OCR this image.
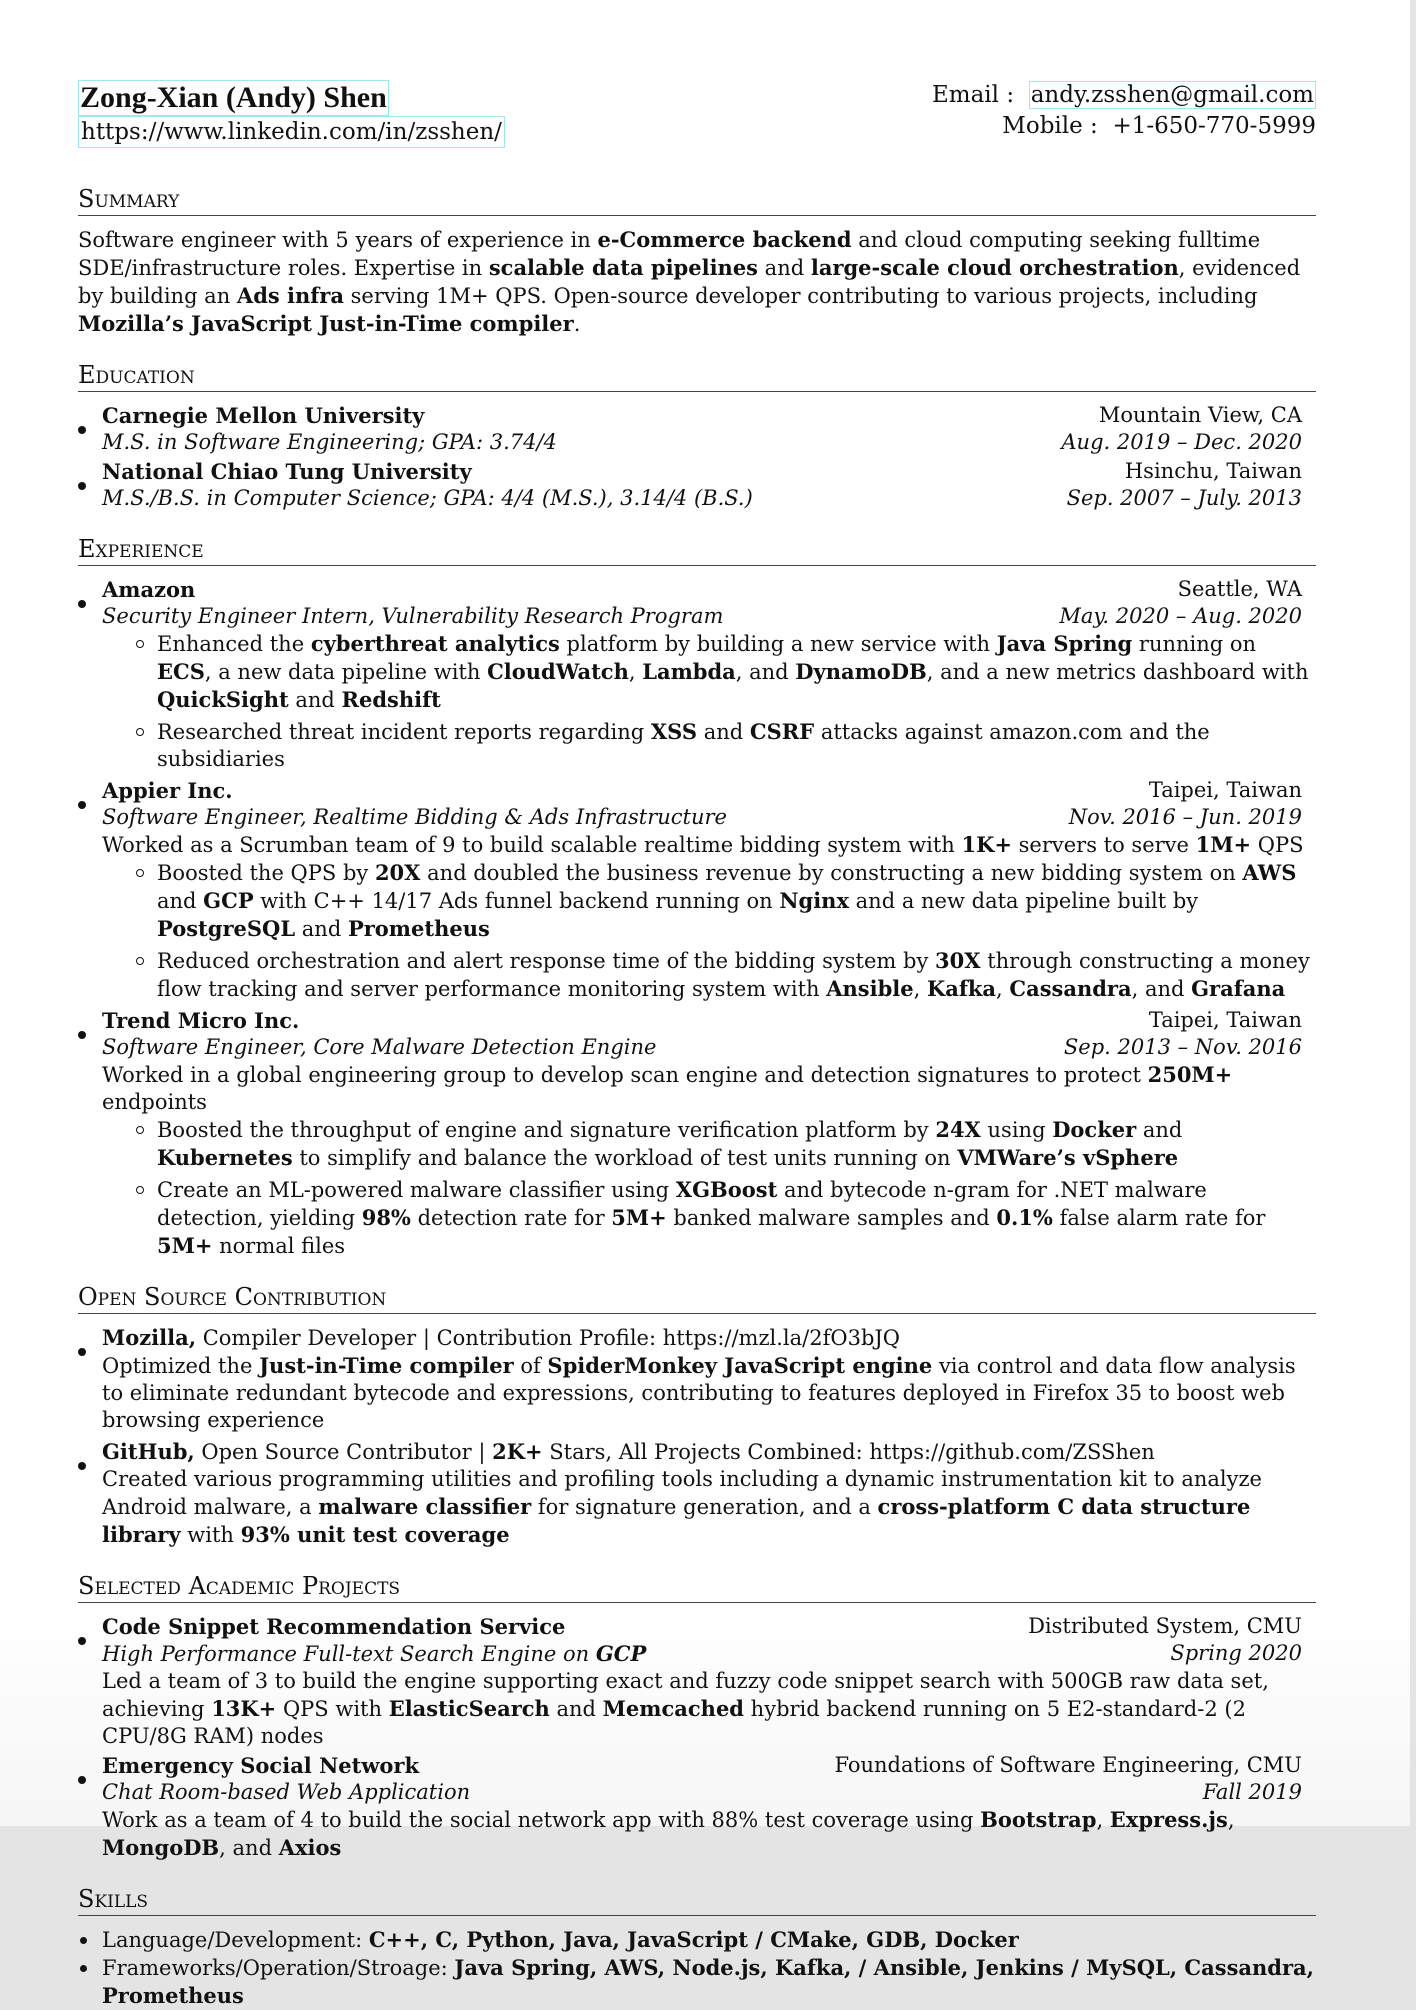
Zong-Xian (Andy) Shen
https://www.linkedin.com/in/zsshen/
Email : andy.zsshen@gmail.com
Mobile : +1-650-770-5999
Summary

Software engineer with 5 years of experience in e-Commerce backend and cloud computing seeking fulltime SDE/infrastructure roles. Expertise in scalable data pipelines and large-scale cloud orchestration, evidenced by building an Ads infra serving 1M+ QPS. Open-source developer contributing to various projects, including Mozilla’s JavaScript Just-in-Time compiler.

Education
Carnegie Mellon University	Mountain View, CA
M.S. in Software Engineering; GPA: 3.74/4	Aug. 2019 – Dec. 2020
National Chiao Tung University	Hsinchu, Taiwan
M.S./B.S. in Computer Science; GPA: 4/4 (M.S.), 3.14/4 (B.S.)	Sep. 2007 – July. 2013
Experience
Amazon	Seattle, WA
Security Engineer Intern, Vulnerability Research Program	May. 2020 – Aug. 2020
Enhanced the cyberthreat analytics platform by building a new service with Java Spring running on ECS, a new data pipeline with CloudWatch, Lambda, and DynamoDB, and a new metrics dashboard with QuickSight and Redshift
Researched threat incident reports regarding XSS and CSRF attacks against amazon.com and the subsidiaries
Appier Inc.	Taipei, Taiwan
Software Engineer, Realtime Bidding & Ads Infrastructure	Nov. 2016 – Jun. 2019
Worked as a Scrumban team of 9 to build scalable realtime bidding system with 1K+ servers to serve 1M+ QPS
Boosted the QPS by 20X and doubled the business revenue by constructing a new bidding system on AWS and GCP with C++ 14/17 Ads funnel backend running on Nginx and a new data pipeline built by PostgreSQL and Prometheus
Reduced orchestration and alert response time of the bidding system by 30X through constructing a money flow tracking and server performance monitoring system with Ansible, Kafka, Cassandra, and Grafana
Trend Micro Inc.	Taipei, Taiwan
Software Engineer, Core Malware Detection Engine	Sep. 2013 – Nov. 2016
Worked in a global engineering group to develop scan engine and detection signatures to protect 250M+ endpoints
Boosted the throughput of engine and signature verification platform by 24X using Docker and Kubernetes to simplify and balance the workload of test units running on VMWare’s vSphere
Create an ML-powered malware classifier using XGBoost and bytecode n-gram for .NET malware detection, yielding 98% detection rate for 5M+ banked malware samples and 0.1% false alarm rate for 5M+ normal files
Open Source Contribution
Mozilla, Compiler Developer | Contribution Profile: https://mzl.la/2fO3bJQ
Optimized the Just-in-Time compiler of SpiderMonkey JavaScript engine via control and data flow analysis to eliminate redundant bytecode and expressions, contributing to features deployed in Firefox 35 to boost web browsing experience
GitHub, Open Source Contributor | 2K+ Stars, All Projects Combined: https://github.com/ZSShen
Created various programming utilities and profiling tools including a dynamic instrumentation kit to analyze Android malware, a malware classifier for signature generation, and a cross-platform C data structure library with 93% unit test coverage
Selected Academic Projects
Code Snippet Recommendation Service	Distributed System, CMU
High Performance Full-text Search Engine on GCP	Spring 2020
Led a team of 3 to build the engine supporting exact and fuzzy code snippet search with 500GB raw data set, achieving 13K+ QPS with ElasticSearch and Memcached hybrid backend running on 5 E2-standard-2 (2 CPU/8G RAM) nodes
Emergency Social Network	Foundations of Software Engineering, CMU
Chat Room-based Web Application	Fall 2019
Work as a team of 4 to build the social network app with 88% test coverage using Bootstrap, Express.js, MongoDB, and Axios
Skills
Language/Development: C++, C, Python, Java, JavaScript / CMake, GDB, Docker
Frameworks/Operation/Stroage: Java Spring, AWS, Node.js, Kafka, / Ansible, Jenkins / MySQL, Cassandra, Prometheus
